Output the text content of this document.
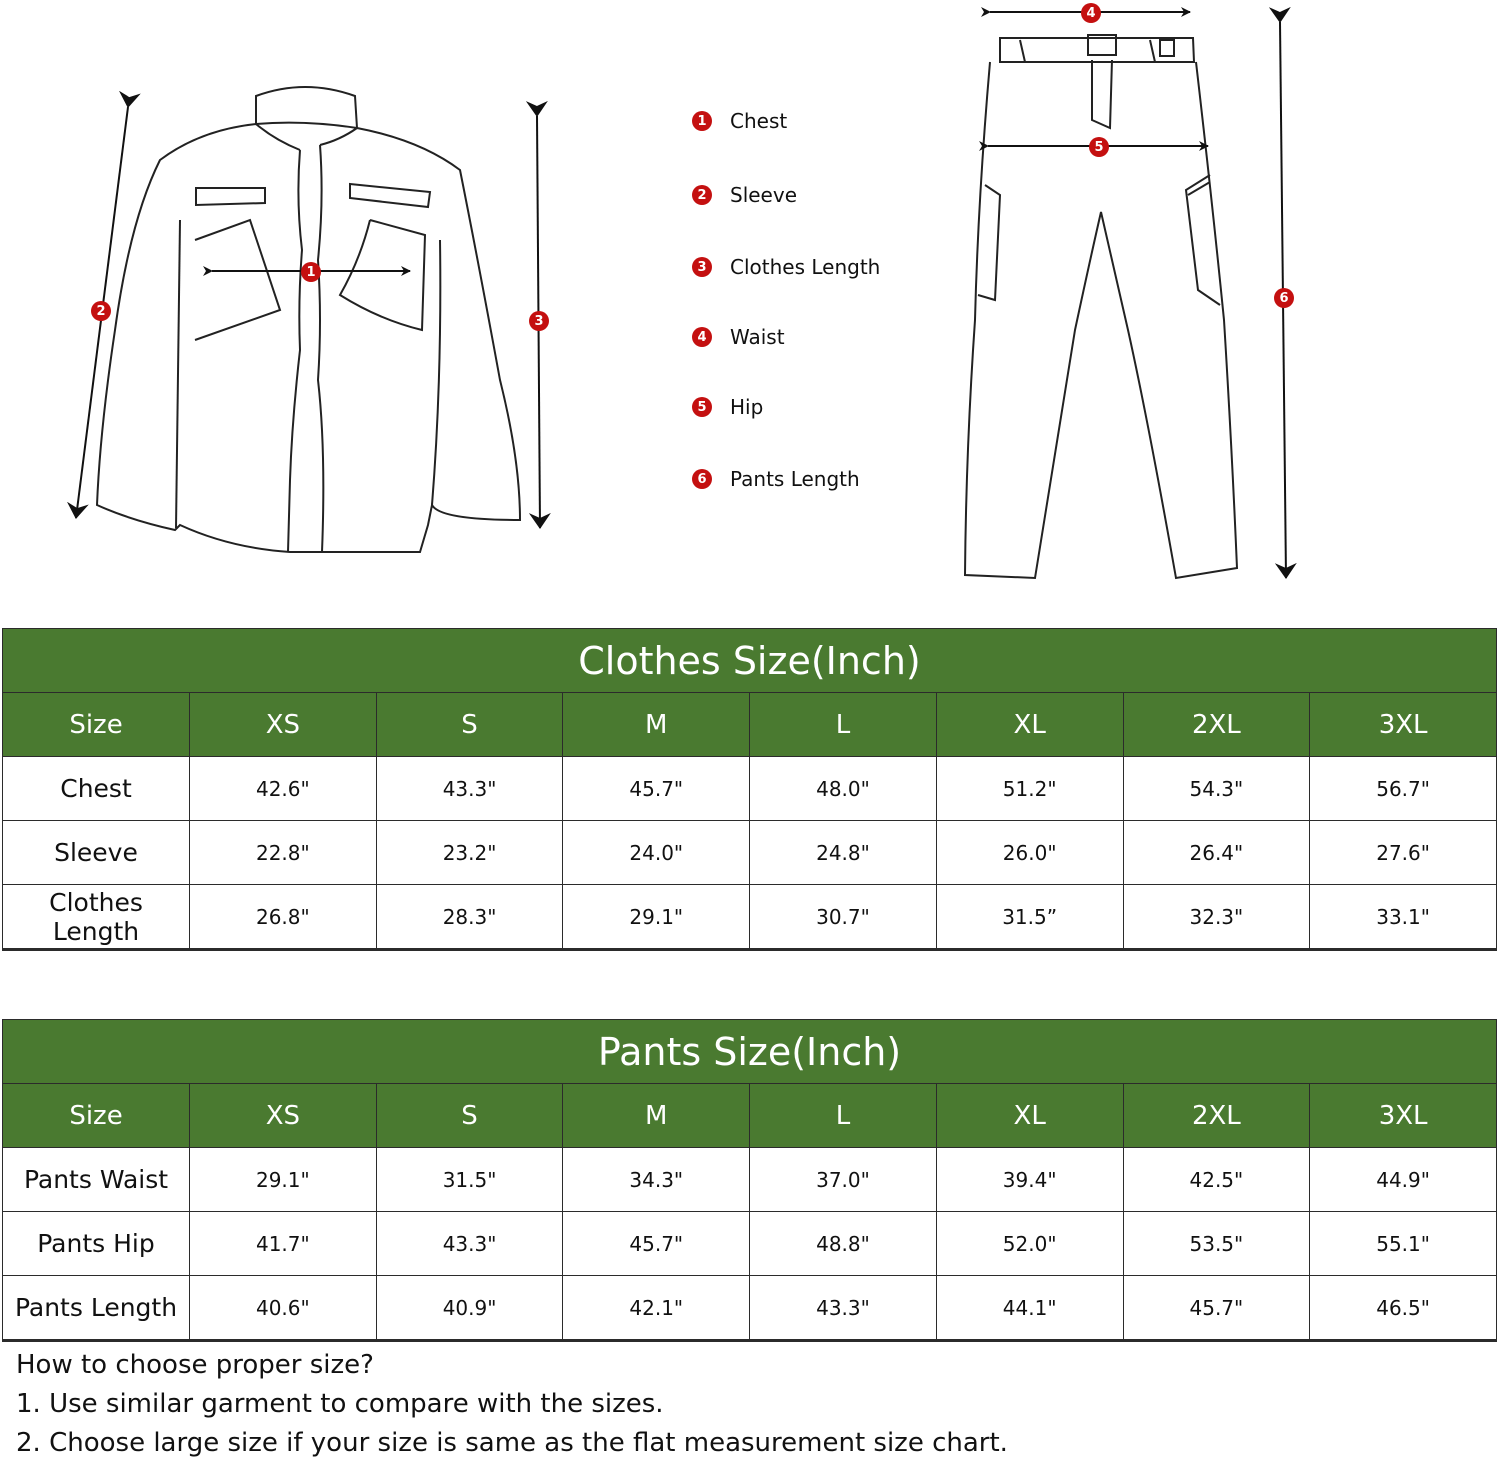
1
2
3
4
5
6
1 Chest
2 Sleeve
3 Clothes Length
4 Waist
5 Hip
6 Pants Length
Clothes Size(Inch)							
Size	XS	S	M	L	XL	2XL	3XL
Chest	42.6"	43.3"	45.7"	48.0"	51.2"	54.3"	56.7"
Sleeve	22.8"	23.2"	24.0"	24.8"	26.0"	26.4"	27.6"
Clothes Length	26.8"	28.3"	29.1"	30.7"	31.5”	32.3"	33.1"
Pants Size(Inch)							
Size	XS	S	M	L	XL	2XL	3XL
Pants Waist	29.1"	31.5"	34.3"	37.0"	39.4"	42.5"	44.9"
Pants Hip	41.7"	43.3"	45.7"	48.8"	52.0"	53.5"	55.1"
Pants Length	40.6"	40.9"	42.1"	43.3"	44.1"	45.7"	46.5"
How to choose proper size?
1. Use similar garment to compare with the sizes.
2. Choose large size if your size is same as the flat measurement size chart.
